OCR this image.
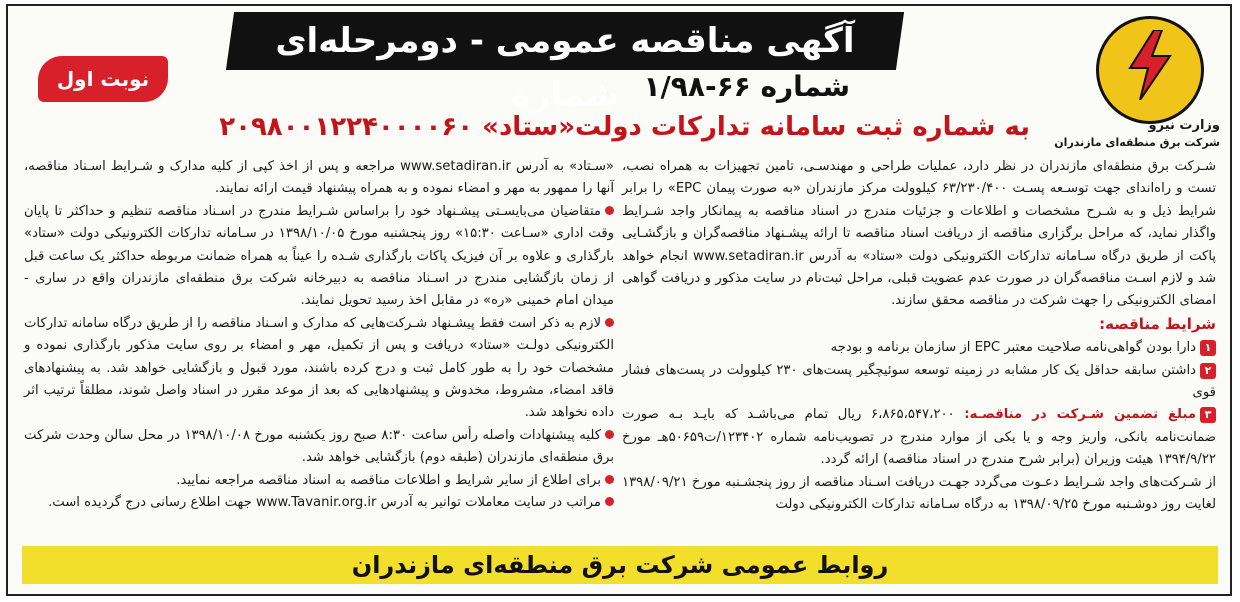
آگهی مناقصه عمومی - دومرحله‌ای شماره شماره ۶۶-۱/۹۸
نوبت اول
وزارت نیرو
شرکت برق منطقه‌ای مازندران
به شماره ثبت سامانه تدارکات دولت«ستاد» ۲۰۹۸۰۰۱۲۲۴۰۰۰۰۶۰

شـرکت برق منطقه‌ای مازندران در نظر دارد، عملیات طراحی و مهندسـی، تامین تجهیزات به همراه نصب، تست و راه‌اندای جهت توسـعه پسـت ۶۳/۲۳۰/۴۰۰ کیلوولت مرکز مازندران «به صورت پیمان EPC» را برابر شرایط ذیل و به شـرح مشخصات و اطلاعات و جزئیات مندرج در اسناد مناقصه به پیمانکار واجد شـرایط واگذار نماید، که مراحل برگزاری مناقصه از دریافت اسناد مناقصه تا ارائه پیشـنهاد مناقصه‌گران و بازگشـایی پاکت از طریق درگاه سـامانه تدارکات الکترونیکی دولت «ستاد» به آدرس www.setadiran.ir انجام خواهد شد و لازم اسـت مناقصه‌گران در صورت عدم عضویت قبلی، مراحل ثبت‌نام در سایت مذکور و دریافت گواهی امضای الکترونیکی را جهت شرکت در مناقصه محقق سازند.

شرایط مناقصه:

۱دارا بودن گواهی‌نامه صلاحیت معتبر EPC از سازمان برنامه و بودجه

۲داشتن سابقه حداقل یک کار مشابه در زمینه توسعه سوئیچگیر پست‌های ۲۳۰ کیلوولت در پست‌های فشار قوی

۳مبلغ تضمین شـرکت در مناقصـه: ۶،۸۶۵،۵۴۷،۲۰۰ ریال تمام می‌باشـد که بایـد بـه صورت ضمانت‌نامه بانکی، واریز وجه و یا یکی از موارد مندرج در تصویب‌نامه شماره ۱۲۳۴۰۲/ت۵۰۶۵۹هـ مورخ ۱۳۹۴/۹/۲۲ هیئت وزیران (برابر شرح مندرج در اسناد مناقصه) ارائه گردد.

از شـرکت‌های واجد شـرایط دعـوت می‌گردد جهـت دریافت اسـناد مناقصه از روز پنجشـنبه مورخ ۱۳۹۸/۰۹/۲۱ لغایت روز دوشـنبه مورخ ۱۳۹۸/۰۹/۲۵ به درگاه سـامانه تدارکات الکترونیکی دولت

«سـتاد» به آدرس www.setadiran.ir مراجعه و پس از اخذ کپی از کلیه مدارک و شـرایط اسـناد مناقصه، آنها را ممهور به مهر و امضاء نموده و به همراه پیشنهاد قیمت ارائه نمایند.

متقاضیان می‌بایسـتی پیشـنهاد خود را براساس شـرایط مندرج در اسـناد مناقصه تنظیم و حداکثر تا پایان وقت اداری «سـاعت ۱۵:۳۰» روز پنجشنبه مورخ ۱۳۹۸/۱۰/۰۵ در سـامانه تدارکات الکترونیکی دولت «ستاد» بارگذاری و علاوه بر آن فیزیک پاکات بارگذاری شـده را عیناً به همراه ضمانت مربوطه حداکثر یک ساعت قبل از زمان بازگشایی مندرج در اسـناد مناقصه به دبیرخانه شرکت برق منطقه‌ای مازندران واقع در ساری - میدان امام خمینی «ره» در مقابل اخذ رسید تحویل نمایند.

لازم به ذکر است فقط پیشـنهاد شـرکت‌هایی که مدارک و اسـناد مناقصه را از طریق درگاه سامانه تدارکات الکترونیکی دولـت «ستاد» دریافت و پس از تکمیل، مهر و امضاء بر روی سایت مذکور بارگذاری نموده و مشخصات خود را به طور کامل ثبت و درج کرده باشند، مورد قبول و بازگشایی خواهد شد. به پیشنهادهای فاقد امضاء، مشروط، مخدوش و پیشنهادهایی که بعد از موعد مقرر در اسناد واصل شوند، مطلقاً ترتیب اثر داده نخواهد شد.

کلیه پیشنهادات واصله رأس ساعت ۸:۳۰ صبح روز یکشنبه مورخ ۱۳۹۸/۱۰/۰۸ در محل سالن وحدت شرکت برق منطقه‌ای مازندران (طبقه دوم) بازگشایی خواهد شد.

برای اطلاع از سایر شرایط و اطلاعات مناقصه به اسناد مناقصه مراجعه نمایید.

مراتب در سایت معاملات توانیر به آدرس www.Tavanir.org.ir جهت اطلاع رسانی درج گردیده است.

روابط عمومی شرکت برق منطقه‌ای مازندران
